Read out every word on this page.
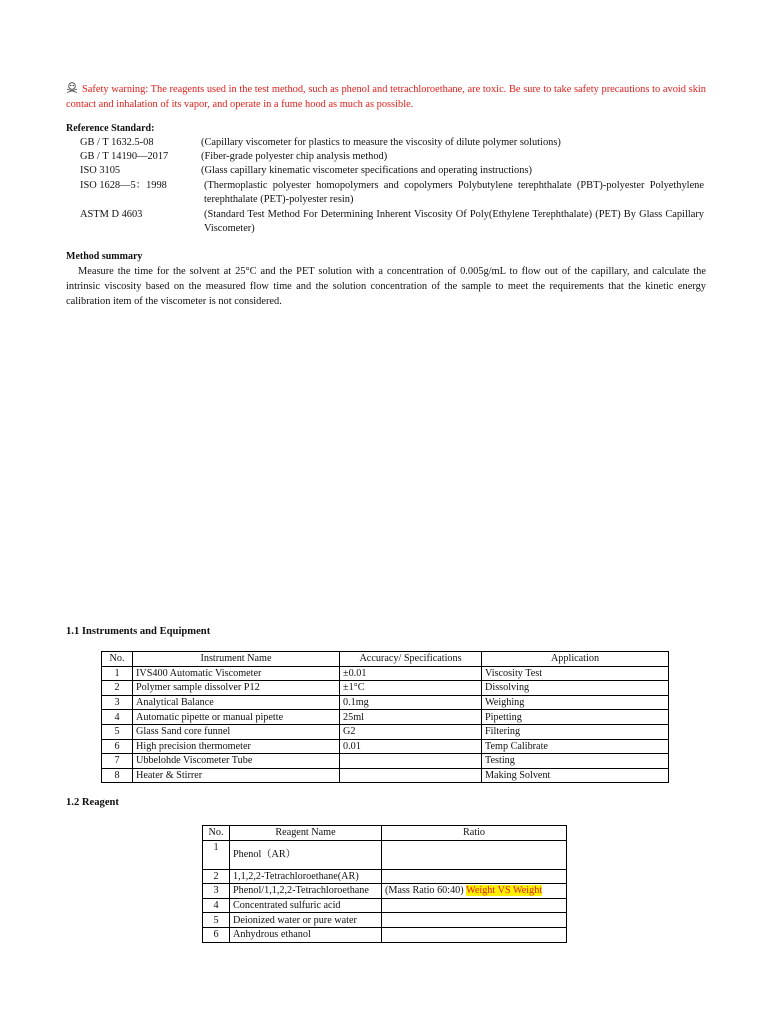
Safety warning: The reagents used in the test method, such as phenol and tetrachloroethane, are toxic. Be sure to take safety precautions to avoid skin contact and inhalation of its vapor, and operate in a fume hood as much as possible.
Reference Standard:
GB / T 1632.5-08	(Capillary viscometer for plastics to measure the viscosity of dilute polymer solutions)
GB / T 14190—2017	(Fiber-grade polyester chip analysis method)
ISO 3105	(Glass capillary kinematic viscometer specifications and operating instructions)
ISO 1628—5：1998	(Thermoplastic polyester homopolymers and copolymers Polybutylene terephthalate (PBT)-polyester Polyethylene terephthalate (PET)-polyester resin)
ASTM D 4603	(Standard Test Method For Determining Inherent Viscosity Of Poly(Ethylene Terephthalate) (PET) By Glass Capillary Viscometer)
Method summary
Measure the time for the solvent at 25°C and the PET solution with a concentration of 0.005g/mL to flow out of the capillary, and calculate the intrinsic viscosity based on the measured flow time and the solution concentration of the sample to meet the requirements that the kinetic energy calibration item of the viscometer is not considered.
1.1 Instruments and Equipment
No.	Instrument Name	Accuracy/ Specifications	Application
1	IVS400 Automatic Viscometer	±0.01	Viscosity Test
2	Polymer sample dissolver P12	±1°C	Dissolving
3	Analytical Balance	0.1mg	Weighing
4	Automatic pipette or manual pipette	25ml	Pipetting
5	Glass Sand core funnel	G2	Filtering
6	High precision thermometer	0.01	Temp Calibrate
7	Ubbelohde Viscometer Tube		Testing
8	Heater & Stirrer		Making Solvent
1.2 Reagent
No.	Reagent Name	Ratio
1	Phenol（AR）	
2	1,1,2,2-Tetrachloroethane(AR)	
3	Phenol/1,1,2,2-Tetrachloroethane	(Mass Ratio 60:40) Weight VS Weight
4	Concentrated sulfuric acid	
5	Deionized water or pure water	
6	Anhydrous ethanol	
